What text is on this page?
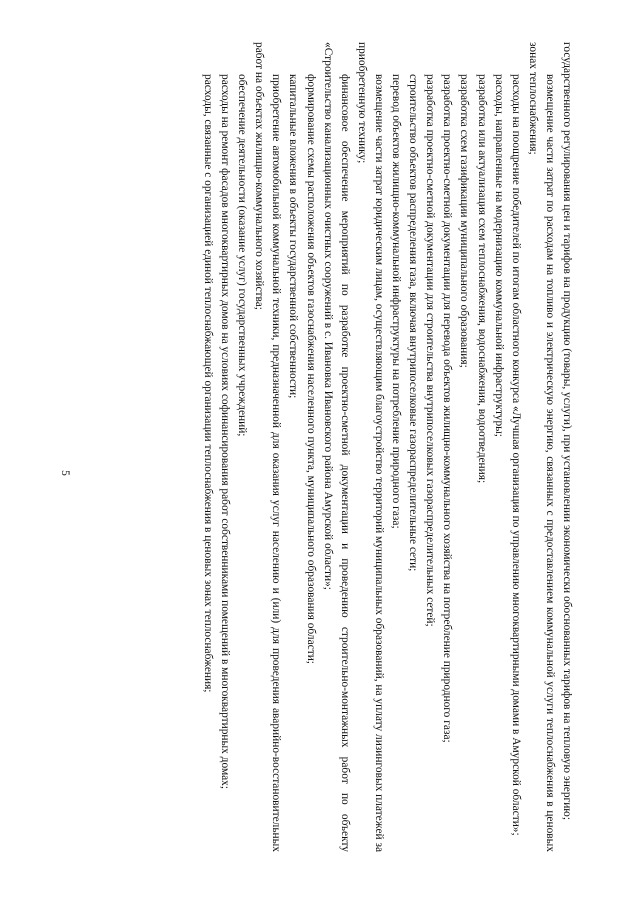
5	государственного регулирования цен и тарифов на продукцию (товары, услуги), при установлении экономически обоснованных тарифов на тепловую энергию;

возмещение части затрат по расходам на топливо и электрическую энергию, связанных с предоставлением коммунальной услуги теплоснабжения в ценовых зонах теплоснабжения;

расходы на поощрение победителей по итогам областного конкурса «Лучшая организация по управлению многоквартирными домами в Амурской области»;

расходы, направленные на модернизацию коммунальной инфраструктуры;

разработка или актуализация схем теплоснабжения, водоснабжения, водоотведения;

разработка схем газификации муниципального образования;

разработка проектно-сметной документации для перевода объектов жилищно-коммунального хозяйства на потребление природного газа;

разработка проектно-сметной документации для строительства внутрипоселковых газораспределительных сетей;

строительство объектов распределения газа, включая внутрипоселковые газораспределительные сети;

перевод объектов жилищно-коммунальной инфраструктуры на потребление природного газа;

возмещение части затрат юридическим лицам, осуществляющим благоустройство территорий муниципальных образований, на уплату лизинговых платежей за приобретенную технику;

финансовое обеспечение мероприятий по разработке проектно-сметной документации и проведению строительно-монтажных работ по объекту «Строительство канализационных очистных сооружений в с. Ивановка Ивановского района Амурской области»;

формирование схемы расположения объектов газоснабжения населенного пункта, муниципального образования области;

капитальные вложения в объекты государственной собственности;

приобретение автомобильной коммунальной техники, предназначенной для оказания услуг населению и (или) для проведения аварийно-восстановительных работ на объектах жилищно-коммунального хозяйства;

обеспечение деятельности (оказание услуг) государственных учреждений;

расходы на ремонт фасадов многоквартирных домов на условиях софинансирования работ собственниками помещений в многоквартирных домах;

расходы, связанные с организацией единой теплоснабжающей организации теплоснабжения в ценовых зонах теплоснабжения;
